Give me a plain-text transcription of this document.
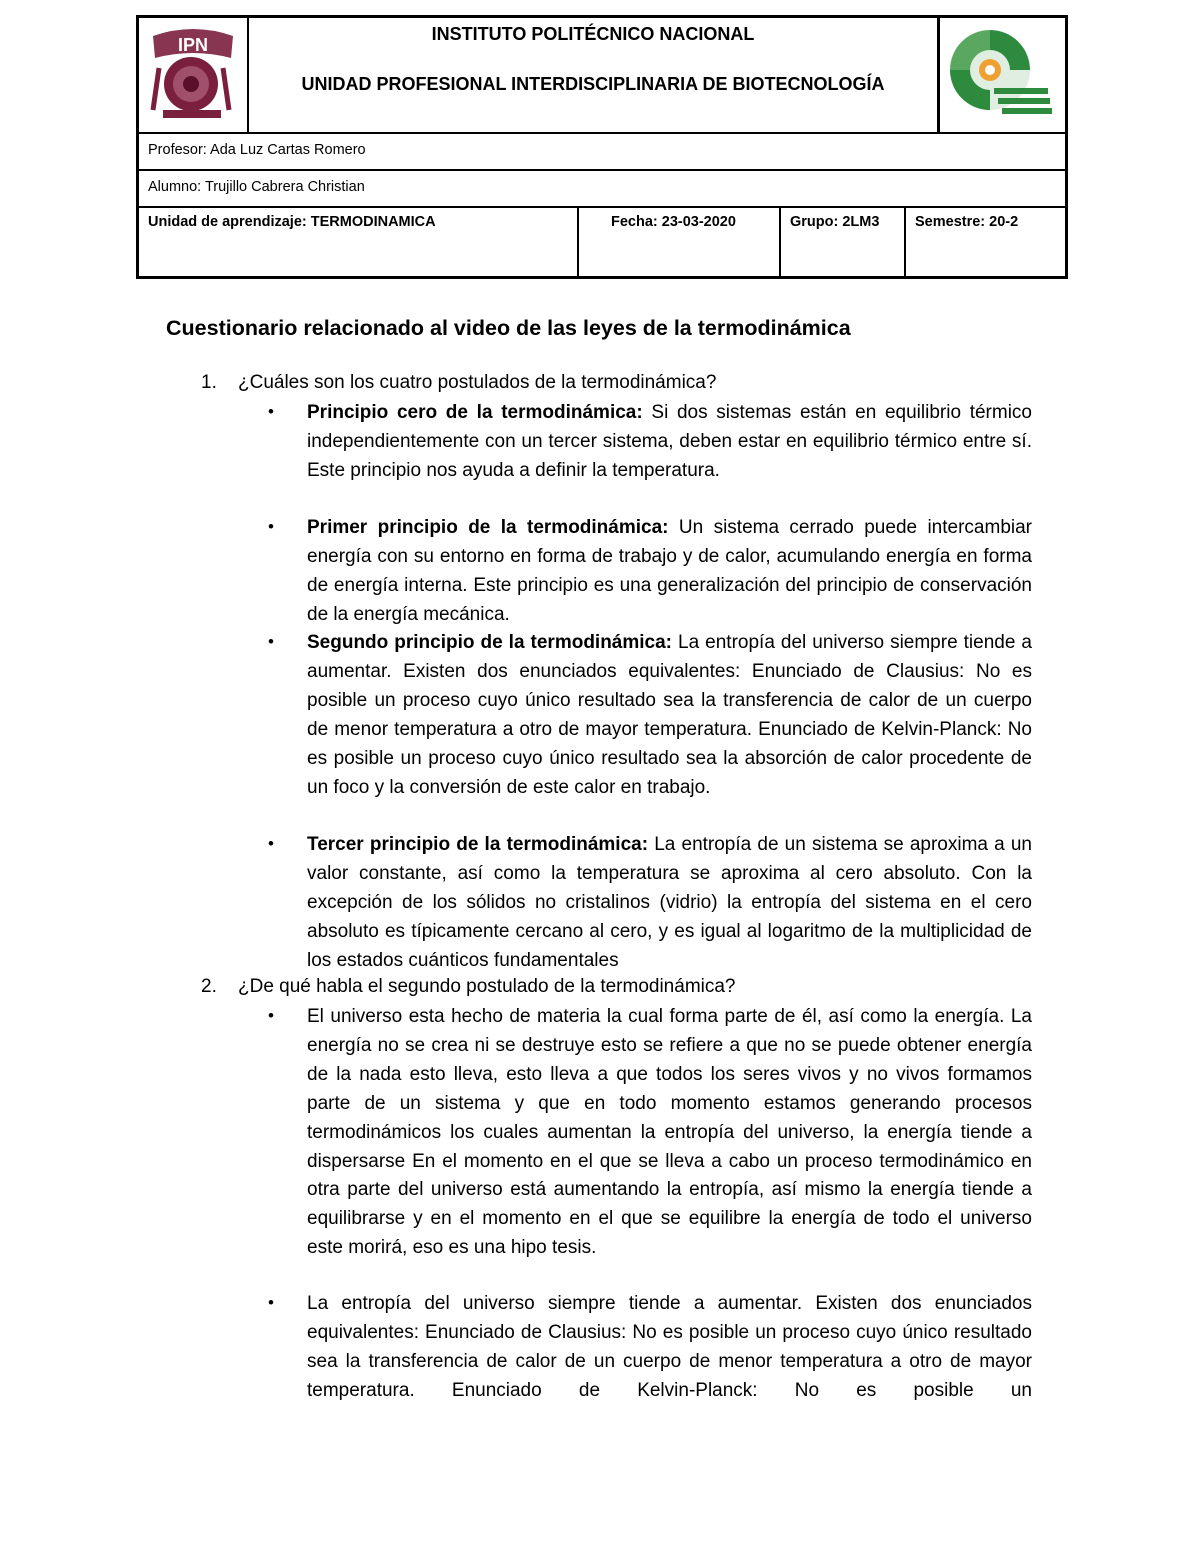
IPN
INSTITUTO POLITÉCNICO NACIONAL
UNIDAD PROFESIONAL INTERDISCIPLINARIA DE BIOTECNOLOGÍA
Profesor: Ada Luz Cartas Romero
Alumno: Trujillo Cabrera Christian
Unidad de aprendizaje: TERMODINAMICA	Fecha: 23-03-2020	Grupo: 2LM3 Semestre: 20-2
Cuestionario relacionado al video de las leyes de la termodinámica
1. ¿Cuáles son los cuatro postulados de la termodinámica?
• Principio cero de la termodinámica: Si dos sistemas están en equilibrio térmico independientemente con un tercer sistema, deben estar en equilibrio térmico entre sí. Este principio nos ayuda a definir la temperatura.

• Primer principio de la termodinámica: Un sistema cerrado puede intercambiar energía con su entorno en forma de trabajo y de calor, acumulando energía en forma de energía interna. Este principio es una generalización del principio de conservación de la energía mecánica.

• Segundo principio de la termodinámica: La entropía del universo siempre tiende a aumentar. Existen dos enunciados equivalentes: Enunciado de Clausius: No es posible un proceso cuyo único resultado sea la transferencia de calor de un cuerpo de menor temperatura a otro de mayor temperatura. Enunciado de Kelvin-Planck: No es posible un proceso cuyo único resultado sea la absorción de calor procedente de un foco y la conversión de este calor en trabajo.

• Tercer principio de la termodinámica: La entropía de un sistema se aproxima a un valor constante, así como la temperatura se aproxima al cero absoluto. Con la excepción de los sólidos no cristalinos (vidrio) la entropía del sistema en el cero absoluto es típicamente cercano al cero, y es igual al logaritmo de la multiplicidad de los estados cuánticos fundamentales

2. ¿De qué habla el segundo postulado de la termodinámica?
• El universo esta hecho de materia la cual forma parte de él, así como la energía. La energía no se crea ni se destruye esto se refiere a que no se puede obtener energía de la nada esto lleva, esto lleva a que todos los seres vivos y no vivos formamos parte de un sistema y que en todo momento estamos generando procesos termodinámicos los cuales aumentan la entropía del universo, la energía tiende a dispersarse En el momento en el que se lleva a cabo un proceso termodinámico en otra parte del universo está aumentando la entropía, así mismo la energía tiende a equilibrarse y en el momento en el que se equilibre la energía de todo el universo este morirá, eso es una hipo tesis.

• La entropía del universo siempre tiende a aumentar. Existen dos enunciados equivalentes: Enunciado de Clausius: No es posible un proceso cuyo único resultado sea la transferencia de calor de un cuerpo de menor temperatura a otro de mayor temperatura. Enunciado de Kelvin-Planck: No es posible un
